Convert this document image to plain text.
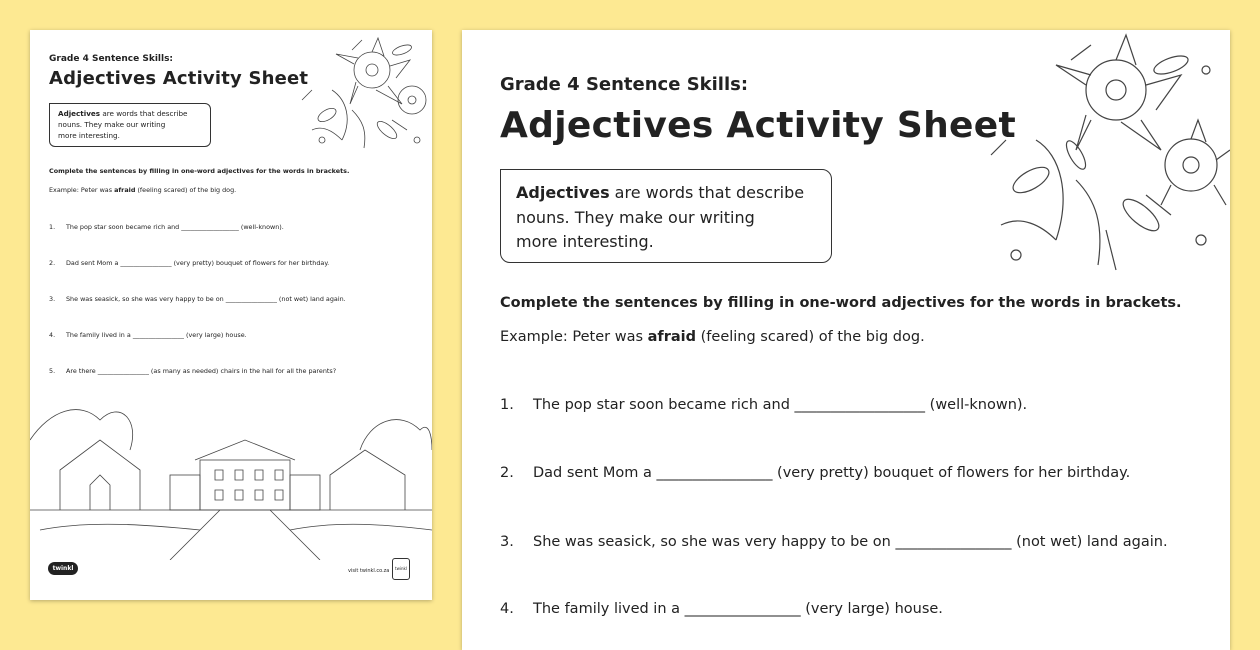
Grade 4 Sentence Skills:
Adjectives Activity Sheet
Adjectives are words that describe
nouns. They make our writing
more interesting.
Complete the sentences by filling in one-word adjectives for the words in brackets.
Example: Peter was afraid (feeling scared) of the big dog.
1. The pop star soon became rich and __________________ (well-known).
2. Dad sent Mom a ________________ (very pretty) bouquet of flowers for her birthday.
3. She was seasick, so she was very happy to be on ________________ (not wet) land again.
4. The family lived in a ________________ (very large) house.
5. Are there ________________ (as many as needed) chairs in the hall for all the parents?
twinkl	visit twinkl.co.za	twinkl
Grade 4 Sentence Skills:
Adjectives Activity Sheet
Adjectives are words that describe
nouns. They make our writing
more interesting.
Complete the sentences by filling in one-word adjectives for the words in brackets.
Example: Peter was afraid (feeling scared) of the big dog.
1. The pop star soon became rich and __________________ (well-known).
2. Dad sent Mom a ________________ (very pretty) bouquet of flowers for her birthday.
3. She was seasick, so she was very happy to be on ________________ (not wet) land again.
4. The family lived in a ________________ (very large) house.
